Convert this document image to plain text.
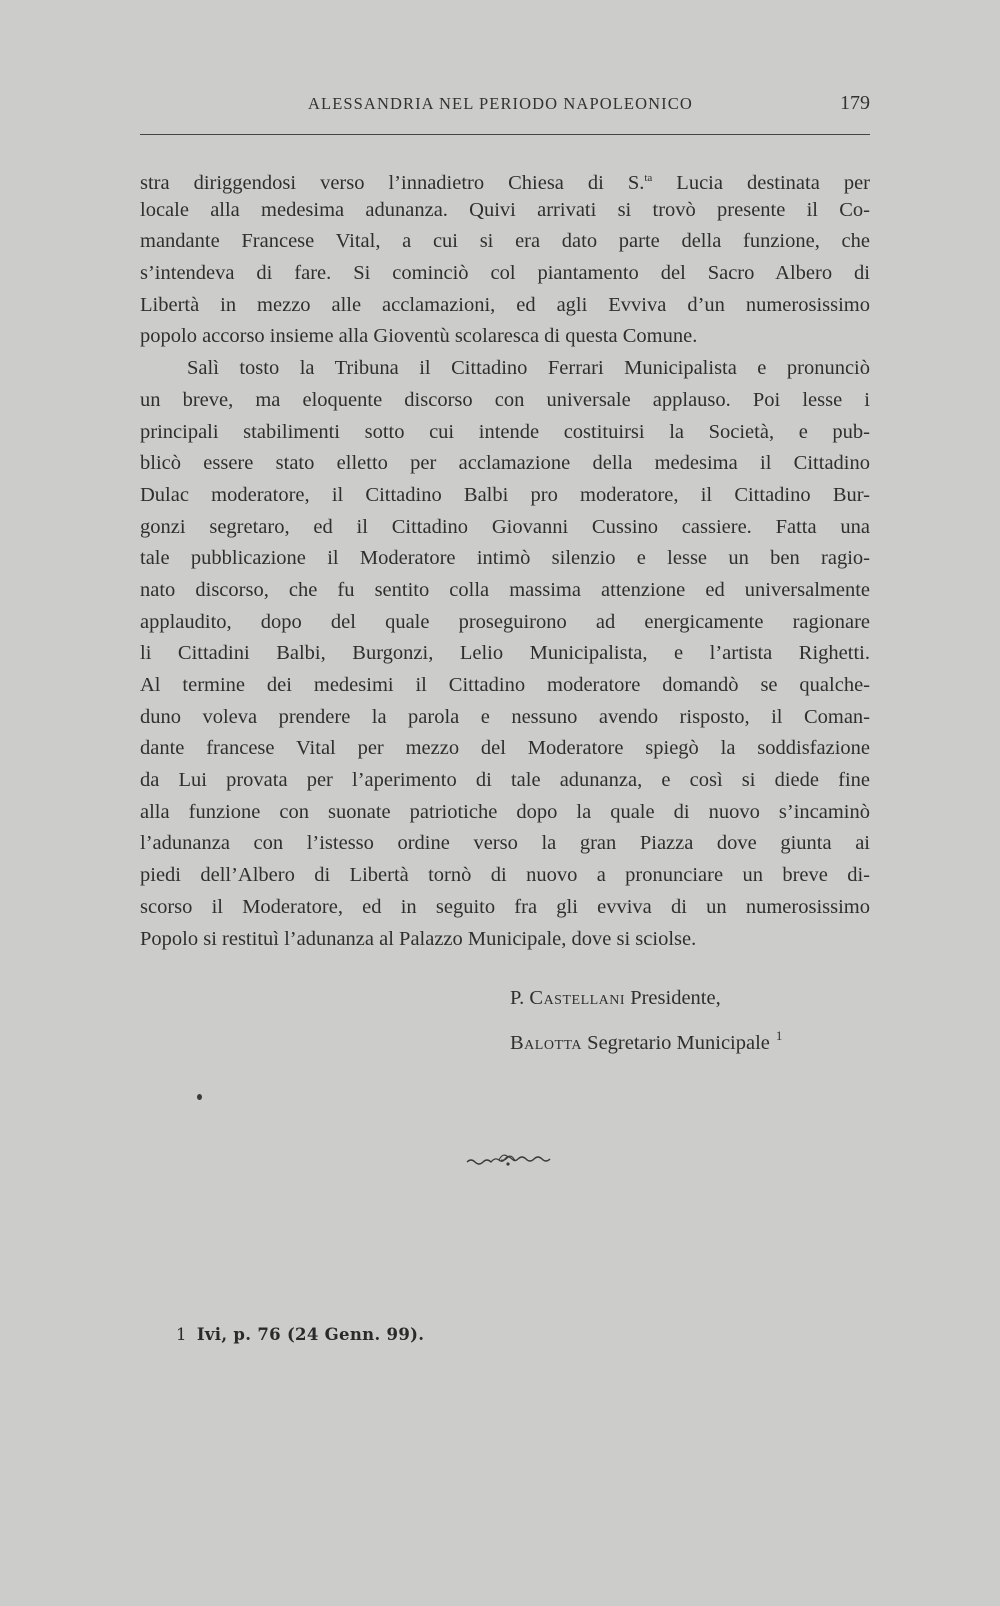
ALESSANDRIA NEL PERIODO NAPOLEONICO	179
stra diriggendosi verso l’innadietro Chiesa di S.$^{ta}$ Lucia destinata per
locale alla medesima adunanza. Quivi arrivati si trovò presente il Co-
mandante Francese Vital, a cui si era dato parte della funzione, che
s’intendeva di fare. Si cominciò col piantamento del Sacro Albero di
Libertà in mezzo alle acclamazioni, ed agli Evviva d’un numerosissimo
popolo accorso insieme alla Gioventù scolaresca di questa Comune.
Salì tosto la Tribuna il Cittadino Ferrari Municipalista e pronunciò
un breve, ma eloquente discorso con universale applauso. Poi lesse i
principali stabilimenti sotto cui intende costituirsi la Società, e pub-
blicò essere stato elletto per acclamazione della medesima il Cittadino
Dulac moderatore, il Cittadino Balbi pro moderatore, il Cittadino Bur-
gonzi segretaro, ed il Cittadino Giovanni Cussino cassiere. Fatta una
tale pubblicazione il Moderatore intimò silenzio e lesse un ben ragio-
nato discorso, che fu sentito colla massima attenzione ed universalmente
applaudito, dopo del quale proseguirono ad energicamente ragionare
li Cittadini Balbi, Burgonzi, Lelio Municipalista, e l’artista Righetti.
Al termine dei medesimi il Cittadino moderatore domandò se qualche-
duno voleva prendere la parola e nessuno avendo risposto, il Coman-
dante francese Vital per mezzo del Moderatore spiegò la soddisfazione
da Lui provata per l’aperimento di tale adunanza, e così si diede fine
alla funzione con suonate patriotiche dopo la quale di nuovo s’incaminò
l’adunanza con l’istesso ordine verso la gran Piazza dove giunta ai
piedi dell’Albero di Libertà tornò di nuovo a pronunciare un breve di-
scorso il Moderatore, ed in seguito fra gli evviva di un numerosissimo
Popolo si restituì l’adunanza al Palazzo Municipale, dove si sciolse.
P. Castellani Presidente,
Balotta Segretario Municipale $^1$
1 Ivi, p. 76 (24 Genn. 99).
